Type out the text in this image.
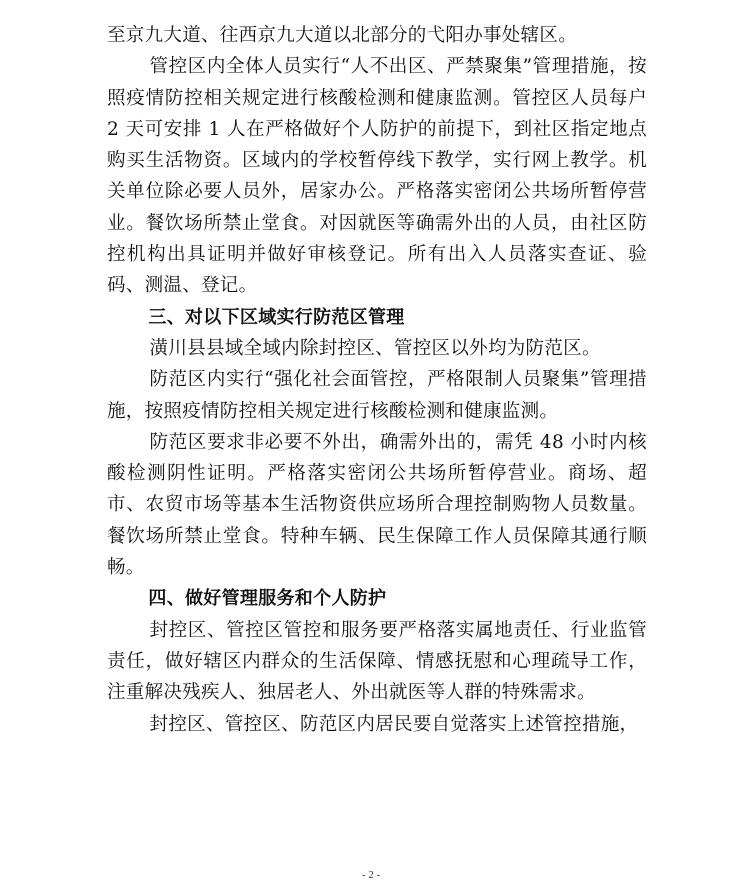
至京九大道、往西京九大道以北部分的弋阳办事处辖区。

管控区内全体人员实行“人不出区、严禁聚集”管理措施，按照疫情防控相关规定进行核酸检测和健康监测。管控区人员每户 2 天可安排 1 人在严格做好个人防护的前提下，到社区指定地点购买生活物资。区域内的学校暂停线下教学，实行网上教学。机关单位除必要人员外，居家办公。严格落实密闭公共场所暂停营业。餐饮场所禁止堂食。对因就医等确需外出的人员，由社区防控机构出具证明并做好审核登记。所有出入人员落实查证、验码、测温、登记。

三、对以下区域实行防范区管理

潢川县县域全域内除封控区、管控区以外均为防范区。

防范区内实行“强化社会面管控，严格限制人员聚集”管理措施，按照疫情防控相关规定进行核酸检测和健康监测。

防范区要求非必要不外出，确需外出的，需凭 48 小时内核酸检测阴性证明。严格落实密闭公共场所暂停营业。商场、超市、农贸市场等基本生活物资供应场所合理控制购物人员数量。餐饮场所禁止堂食。特种车辆、民生保障工作人员保障其通行顺畅。

四、做好管理服务和个人防护

封控区、管控区管控和服务要严格落实属地责任、行业监管责任，做好辖区内群众的生活保障、情感抚慰和心理疏导工作，注重解决残疾人、独居老人、外出就医等人群的特殊需求。

封控区、管控区、防范区内居民要自觉落实上述管控措施，

- 2 -
